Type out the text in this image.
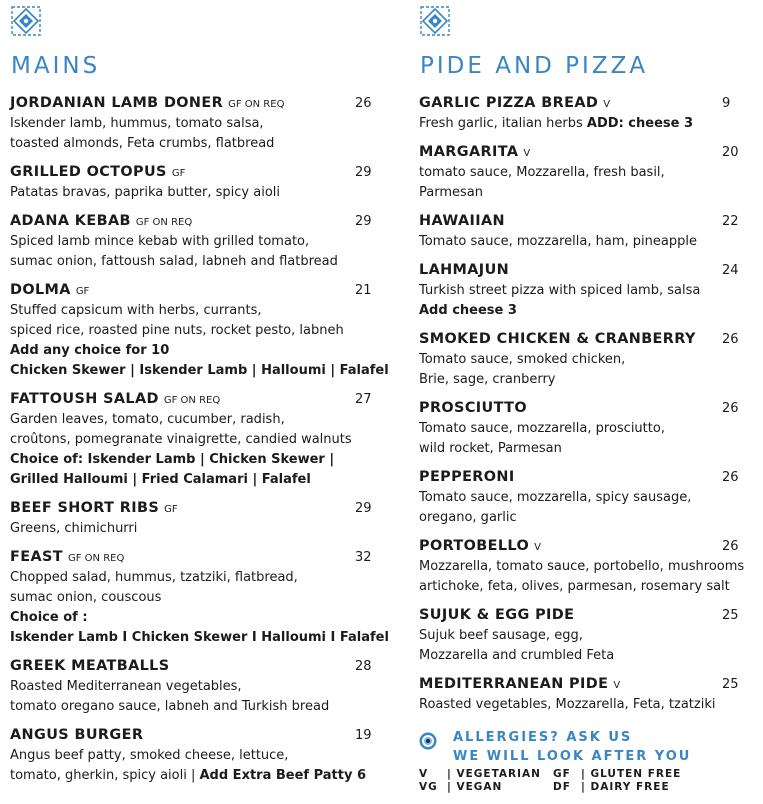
MAINS	PIDE AND PIZZA
JORDANIAN LAMB DONER GF ON REQ	26
Iskender lamb, hummus, tomato salsa,
toasted almonds, Feta crumbs, flatbread
GRILLED OCTOPUS GF	29
Patatas bravas, paprika butter, spicy aioli
ADANA KEBAB GF ON REQ	29
Spiced lamb mince kebab with grilled tomato,
sumac onion, fattoush salad, labneh and flatbread
DOLMA GF	21
Stuffed capsicum with herbs, currants,
spiced rice, roasted pine nuts, rocket pesto, labneh
Add any choice for 10
Chicken Skewer | Iskender Lamb | Halloumi | Falafel
FATTOUSH SALAD GF ON REQ	27
Garden leaves, tomato, cucumber, radish,
croûtons, pomegranate vinaigrette, candied walnuts
Choice of: Iskender Lamb | Chicken Skewer |
Grilled Halloumi | Fried Calamari | Falafel
BEEF SHORT RIBS GF	29
Greens, chimichurri
FEAST GF ON REQ	32
Chopped salad, hummus, tzatziki, flatbread,
sumac onion, couscous
Choice of :
Iskender Lamb I Chicken Skewer I Halloumi I Falafel
GREEK MEATBALLS	28
Roasted Mediterranean vegetables,
tomato oregano sauce, labneh and Turkish bread
ANGUS BURGER	19
Angus beef patty, smoked cheese, lettuce,
tomato, gherkin, spicy aioli | Add Extra Beef Patty 6
GARLIC PIZZA BREAD V	9
Fresh garlic, italian herbs ADD: cheese 3
MARGARITA V	20
tomato sauce, Mozzarella, fresh basil,
Parmesan
HAWAIIAN	22
Tomato sauce, mozzarella, ham, pineapple
LAHMAJUN	24
Turkish street pizza with spiced lamb, salsa
Add cheese 3
SMOKED CHICKEN & CRANBERRY 26
Tomato sauce, smoked chicken,
Brie, sage, cranberry
PROSCIUTTO	26
Tomato sauce, mozzarella, prosciutto,
wild rocket, Parmesan
PEPPERONI	26
Tomato sauce, mozzarella, spicy sausage,
oregano, garlic
PORTOBELLO V	26
Mozzarella, tomato sauce, portobello, mushrooms
artichoke, feta, olives, parmesan, rosemary salt
SUJUK & EGG PIDE	25
Sujuk beef sausage, egg,
Mozzarella and crumbled Feta
MEDITERRANEAN PIDE V	25
Roasted vegetables, Mozzarella, Feta, tzatziki
ALLERGIES? ASK US
WE WILL LOOK AFTER YOU
V	| VEGETARIAN	GF | GLUTEN FREE
VG | VEGAN	DF | DAIRY FREE
